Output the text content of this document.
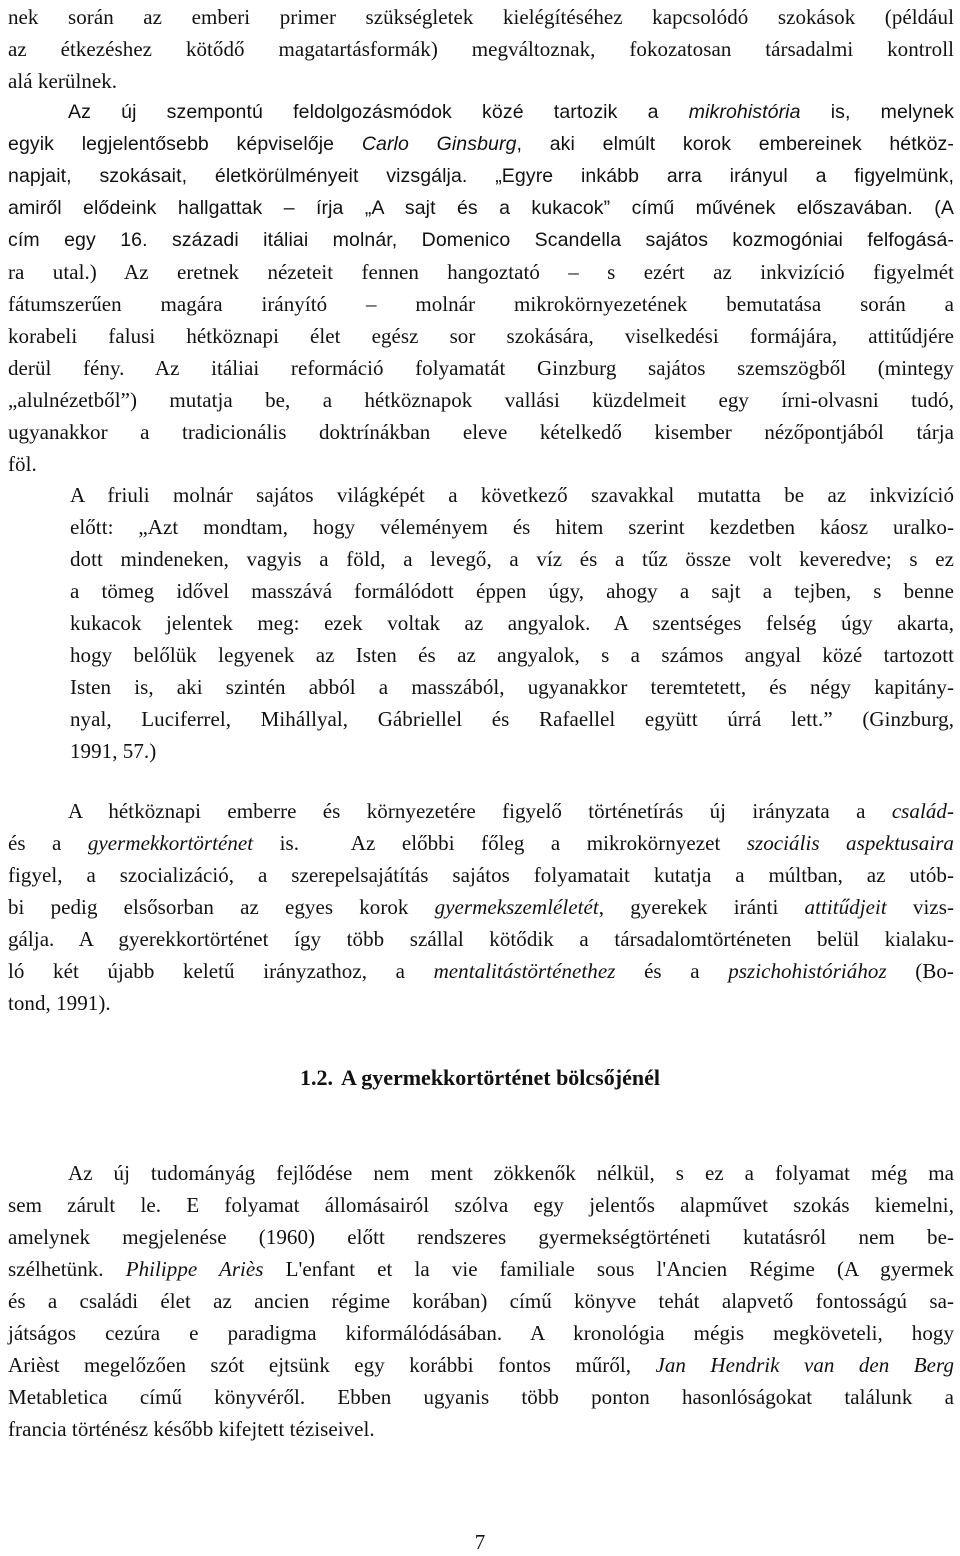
nek során az emberi primer szükségletek kielégítéséhez kapcsolódó szokások (például
az étkezéshez kötődő magatartásformák) megváltoznak, fokozatosan társadalmi kontroll
alá kerülnek.
Az új szempontú feldolgozásmódok közé tartozik a mikrohistória is, melynek
egyik legjelentősebb képviselője Carlo Ginsburg, aki elmúlt korok embereinek hétköz-
napjait, szokásait, életkörülményeit vizsgálja. „Egyre inkább arra irányul a figyelmünk,
amiről elődeink hallgattak – írja „A sajt és a kukacok” című művének előszavában. (A
cím egy 16. századi itáliai molnár, Domenico Scandella sajátos kozmogóniai felfogásá-
ra utal.) Az eretnek nézeteit fennen hangoztató – s ezért az inkvizíció figyelmét
fátumszerűen magára irányító – molnár mikrokörnyezetének bemutatása során a
korabeli falusi hétköznapi élet egész sor szokására, viselkedési formájára, attitűdjére
derül fény. Az itáliai reformáció folyamatát Ginzburg sajátos szemszögből (mintegy
„alulnézetből”) mutatja be, a hétköznapok vallási küzdelmeit egy írni-olvasni tudó,
ugyanakkor a tradicionális doktrínákban eleve kételkedő kisember nézőpontjából tárja
föl.
A friuli molnár sajátos világképét a következő szavakkal mutatta be az inkvizíció
előtt: „Azt mondtam, hogy véleményem és hitem szerint kezdetben káosz uralko-
dott mindeneken, vagyis a föld, a levegő, a víz és a tűz össze volt keveredve; s ez
a tömeg idővel masszává formálódott éppen úgy, ahogy a sajt a tejben, s benne
kukacok jelentek meg: ezek voltak az angyalok. A szentséges felség úgy akarta,
hogy belőlük legyenek az Isten és az angyalok, s a számos angyal közé tartozott
Isten is, aki szintén abból a masszából, ugyanakkor teremtetett, és négy kapitány-
nyal, Luciferrel, Mihállyal, Gábriellel és Rafaellel együtt úrrá lett.” (Ginzburg,
1991, 57.)
A hétköznapi emberre és környezetére figyelő történetírás új irányzata a család-
és a gyermekkortörténet is.  Az előbbi főleg a mikrokörnyezet szociális aspektusaira
figyel, a szocializáció, a szerepelsajátítás sajátos folyamatait kutatja a múltban, az utób-
bi pedig elsősorban az egyes korok gyermekszemléletét, gyerekek iránti attitűdjeit vizs-
gálja. A gyerekkortörténet így több szállal kötődik a társadalomtörténeten belül kialaku-
ló két újabb keletű irányzathoz, a mentalitástörténethez és a pszichohistóriához (Bo-
tond, 1991).
1.2. A gyermekkortörténet bölcsőjénél
Az új tudományág fejlődése nem ment zökkenők nélkül, s ez a folyamat még ma
sem zárult le. E folyamat állomásairól szólva egy jelentős alapművet szokás kiemelni,
amelynek megjelenése (1960) előtt rendszeres gyermekségtörténeti kutatásról nem be-
szélhetünk. Philippe Ariès L'enfant et la vie familiale sous l'Ancien Régime (A gyermek
és a családi élet az ancien régime korában) című könyve tehát alapvető fontosságú sa-
játságos cezúra e paradigma kiformálódásában. A kronológia mégis megköveteli, hogy
Arièst megelőzően szót ejtsünk egy korábbi fontos műről, Jan Hendrik van den Berg
Metabletica című könyvéről. Ebben ugyanis több ponton hasonlóságokat találunk a
francia történész később kifejtett téziseivel.
7
